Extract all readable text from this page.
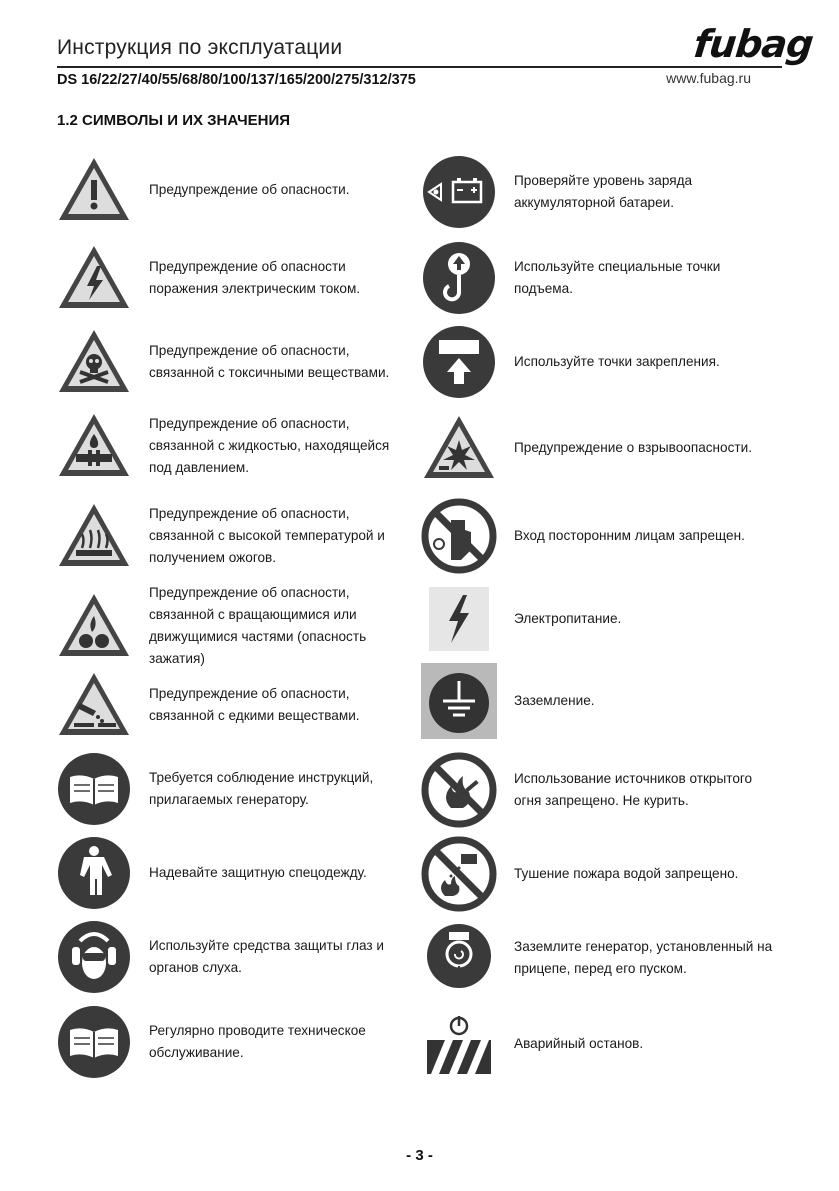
Инструкция по эксплуатации	fubag
DS 16/22/27/40/55/68/80/100/137/165/200/275/312/375	www.fubag.ru
1.2 СИМВОЛЫ И ИХ ЗНАЧЕНИЯ
Предупреждение об опасности.
Предупреждение об опасности поражения электрическим током.
Предупреждение об опасности, связанной с токсичными веществами.
Предупреждение об опасности, связанной с жидкостью, находящейся под давлением.
Предупреждение об опасности, связанной с высокой температурой и получением ожогов.
Предупреждение об опасности, связанной с вращающимися или движущимися частями (опасность зажатия)
Предупреждение об опасности, связанной с едкими веществами.
Требуется соблюдение инструкций, прилагаемых генератору.
Надевайте защитную спецодежду.
Используйте средства защиты глаз и органов слуха.
Регулярно проводите техническое обслуживание.
Проверяйте уровень заряда аккумуляторной батареи.
Используйте специальные точки подъема.
Используйте точки закрепления.
Предупреждение о взрывоопасности.
Вход посторонним лицам запрещен.
Электропитание.
Заземление.
Использование источников открытого огня запрещено. Не курить.
Тушение пожара водой запрещено.
Заземлите генератор, установленный на прицепе, перед его пуском.
Аварийный останов.
- 3 -
